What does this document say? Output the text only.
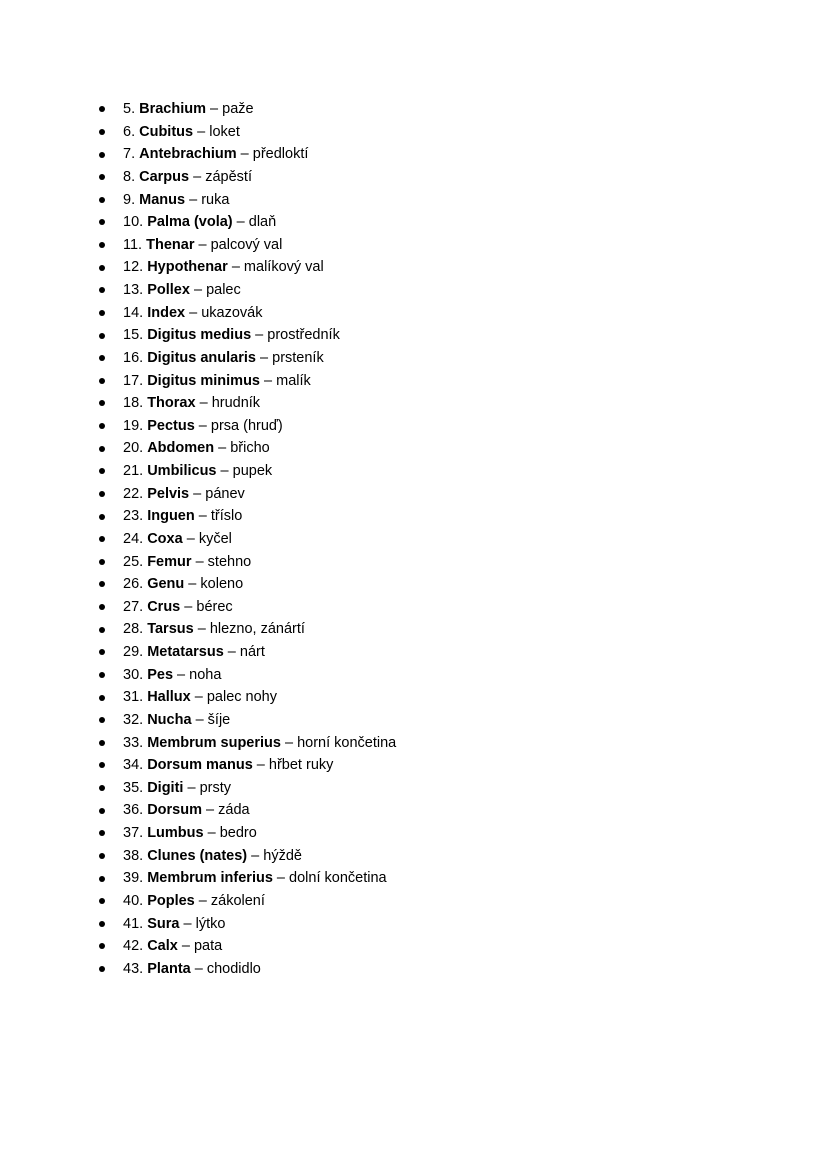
5. Brachium – paže
6. Cubitus – loket
7. Antebrachium – předloktí
8. Carpus – zápěstí
9. Manus – ruka
10. Palma (vola) – dlaň
11. Thenar – palcový val
12. Hypothenar – malíkový val
13. Pollex – palec
14. Index – ukazovák
15. Digitus medius – prostředník
16. Digitus anularis – prsteník
17. Digitus minimus – malík
18. Thorax – hrudník
19. Pectus – prsa (hruď)
20. Abdomen – břicho
21. Umbilicus – pupek
22. Pelvis – pánev
23. Inguen – tříslo
24. Coxa – kyčel
25. Femur – stehno
26. Genu – koleno
27. Crus – bérec
28. Tarsus – hlezno, zánártí
29. Metatarsus – nárt
30. Pes – noha
31. Hallux – palec nohy
32. Nucha – šíje
33. Membrum superius – horní končetina
34. Dorsum manus – hřbet ruky
35. Digiti – prsty
36. Dorsum – záda
37. Lumbus – bedro
38. Clunes (nates) – hýždě
39. Membrum inferius – dolní končetina
40. Poples – zákolení
41. Sura – lýtko
42. Calx – pata
43. Planta – chodidlo
